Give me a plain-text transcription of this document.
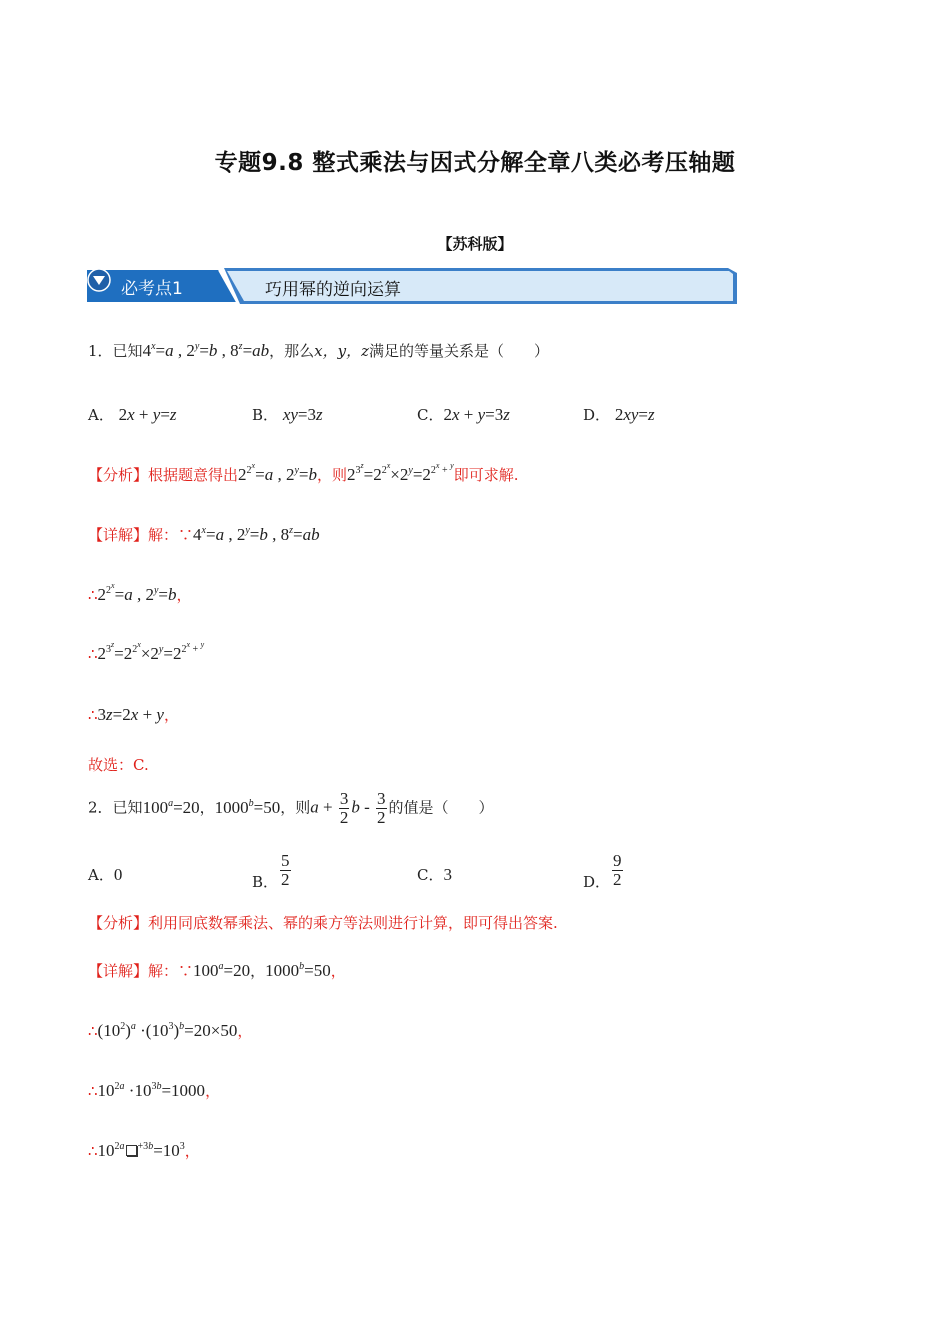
专题9.8 整式乘法与因式分解全章八类必考压轴题
【苏科版】
必考点1	巧用幂的逆向运算
1．已知$4^x=a$ , $2^y=b$ , $8^z=ab$，那么x，y，z满足的等量关系是（　　）
A． 2x + y=z	B． xy=3z	C．2x + y=3z	D． 2xy=z
【分析】根据题意得出$2^{2^x}=a$ , $2^y=b$，则$2^{3^z}=2^{2^x}\times 2^y=2^{2^x + ^y}$即可求解.
【详解】解：$\because 4^x=a$ , $2^y=b$ , $8^z=ab$
$\therefore 2^{2^x}=a$ , $2^y=b$，
$\therefore 2^{3^z}=2^{2^x}\times 2^y=2^{2^x + ^y}$
∴3z=2x + y，
故选：C.
2．已知$100^a=20$，$1000^b=50$，则$a + \frac{3}{2}$ b - $\frac{3}{2}$ 的值是（　　）
A．0	B． $\frac{5}{2}$	C．3	D． $\frac{9}{2}$
【分析】利用同底数幂乘法、幂的乘方等法则进行计算，即可得出答案.
【详解】解：$\because 100^a=20$，$1000^b=50$，
$\therefore(10^2)^a \cdot(10^3)^b=20\times 50$，
$\therefore 10^{2a} \cdot 10^{3b}=1000$，
$\therefore 10^{2a}$ $^{+3b}=10^3$，
